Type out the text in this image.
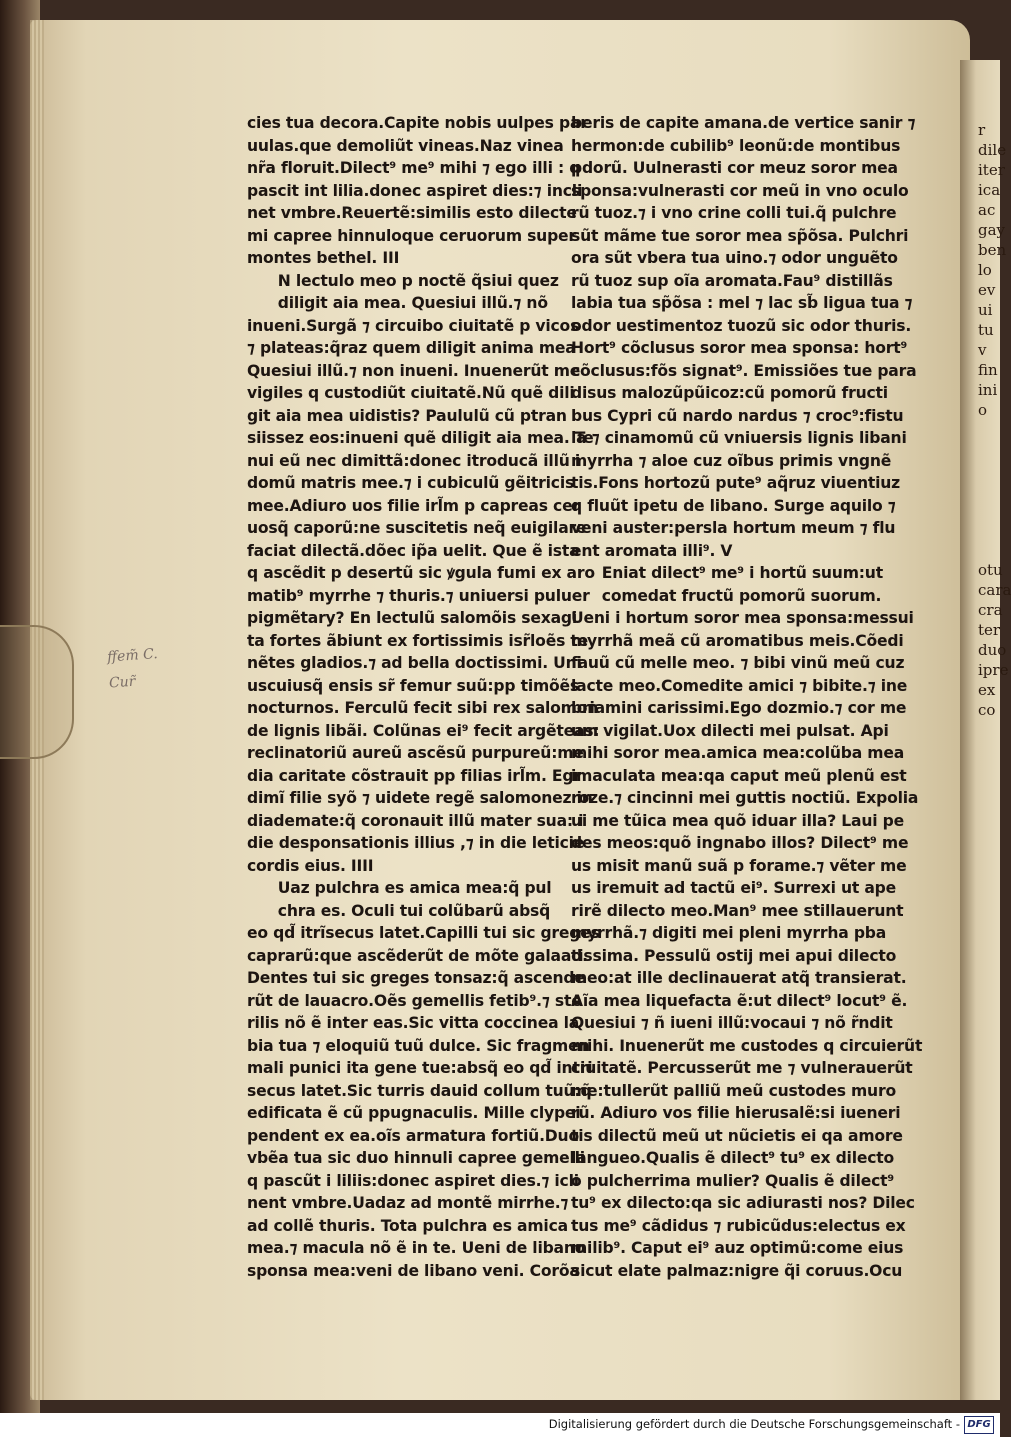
r
dile
iter
ica
ac
gay
ben
lo
ev
ui
tu
v
fin
ini
o
otu
cara
cra
ter
duo
ipre
ex
co
ffem̃ C.
Cur̃
cies tua decora.Capite nobis uulpes par
uulas.que demoliũt vineas.Naz vinea
nr̃a floruit.Dilect⁹ me⁹ mihi ⁊ ego illi : q
pascit int lilia.donec aspiret dies:⁊ incli
net vmbre.Reuertẽ:similis esto dilecte
mi capree hinnuloque ceruorum super
montes bethel. III
  N lectulo meo p noctẽ q̃siui quez
  diligit aia mea. Quesiui illũ.⁊ nõ
inueni.Surgã ⁊ circuibo ciuitatẽ p vicos
⁊ plateas:q̃raz quem diligit anima mea
Quesiui illũ.⁊ non inueni. Inuenerũt me
vigiles q custodiũt ciuitatẽ.Nũ quẽ dili
git aia mea uidistis? Paululũ cũ ptran
siissez eos:inueni quẽ diligit aia mea. Te
nui eũ nec dimittã:donec itroducã illũ i
domũ matris mee.⁊ i cubiculũ gẽitricis
mee.Adiuro uos filie irl̃m p capreas cer
uosq̃ caporũ:ne suscitetis neq̃ euigilare
faciat dilectã.dõec ip̃a uelit. Que ẽ ista
q ascẽdit p desertũ sic ꝟgula fumi ex aro
matib⁹ myrrhe ⁊ thuris.⁊ uniuersi puluer
pigmẽtary? En lectulũ salomõis sexagi
ta fortes ãbiunt ex fortissimis isr̃loẽs te
nẽtes gladios.⁊ ad bella doctissimi. Uni
uscuiusq̃ ensis sr̃ femur suũ:pp timõẽs
nocturnos. Ferculũ fecit sibi rex salomon
de lignis libãi. Colũnas ei⁹ fecit argẽteas:
reclinatoriũ aureũ ascẽsũ purpureũ:me
dia caritate cõstrauit pp filias irl̃m. Egr
dimĩ filie syõ ⁊ uidete regẽ salomonez in
diademate:q̃ coronauit illũ mater sua: i
die desponsationis illius ,⁊ in die leticie
cordis eius. IIII
  Uaz pulchra es amica mea:q̃ pul
  chra es. Oculi tui colũbarũ absq̃
eo qd̃ itrĩsecus latet.Capilli tui sic greges
caprarũ:que ascẽderũt de mõte galaad.
Dentes tui sic greges tonsaz:q̃ ascende
rũt de lauacro.Oẽs gemellis fetib⁹.⁊ ste
rilis nõ ẽ inter eas.Sic vitta coccinea la
bia tua ⁊ eloquiũ tuũ dulce. Sic fragmen
mali punici ita gene tue:absq̃ eo qd̃ intri
secus latet.Sic turris dauid collum tuũ:q̃
edificata ẽ cũ ppugnaculis. Mille clypei
pendent ex ea.oĩs armatura fortiũ.Duo
vbẽa tua sic duo hinnuli capree gemelli
q pascũt i liliis:donec aspiret dies.⁊ icli
nent vmbre.Uadaz ad montẽ mirrhe.⁊
ad collẽ thuris. Tota pulchra es amica
mea.⁊ macula nõ ẽ in te. Ueni de libano
sponsa mea:veni de libano veni. Corõa
beris de capite amana.de vertice sanir ⁊
hermon:de cubilib⁹ leonũ:de montibus
pdorũ. Uulnerasti cor meuz soror mea
sponsa:vulnerasti cor meũ in vno oculo
rũ tuoz.⁊ i vno crine colli tui.q̃ pulchre
sũt mãme tue soror mea sp̃õsa. Pulchri
ora sũt vbera tua uino.⁊ odor unguẽto
rũ tuoz sup oĩa aromata.Fau⁹ distillãs
labia tua sp̃õsa : mel ⁊ lac sb̃ ligua tua ⁊
odor uestimentoz tuozũ sic odor thuris.
Hort⁹ cõclusus soror mea sponsa: hort⁹
cõclusus:fõs signat⁹. Emissiões tue para
disus malozũpũicoz:cũ pomorũ fructi
bus Cypri cũ nardo nardus ⁊ croc⁹:fistu
la ⁊ cinamomũ cũ vniuersis lignis libani
myrrha ⁊ aloe cuz oĩbus primis vngnẽ
tis.Fons hortozũ pute⁹ aq̃ruz viuentiuz
q fluũt ipetu de libano. Surge aquilo ⁊
veni auster:persla hortum meum ⁊ flu
ent aromata illi⁹. V
  Eniat dilect⁹ me⁹ i hortũ suum:ut
  comedat fructũ pomorũ suorum.
Ueni i hortum soror mea sponsa:messui
myrrhã meã cũ aromatibus meis.Cõedi
fauũ cũ melle meo. ⁊ bibi vinũ meũ cuz
lacte meo.Comedite amici ⁊ bibite.⁊ ine
briamini carissimi.Ego dozmio.⁊ cor me
um vigilat.Uox dilecti mei pulsat. Api
mihi soror mea.amica mea:colũba mea
imaculata mea:qa caput meũ plenũ est
roze.⁊ cincinni mei guttis noctiũ. Expolia
ui me tũica mea quõ iduar illa? Laui pe
des meos:quõ ingnabo illos? Dilect⁹ me
us misit manũ suã p forame.⁊ vẽter me
us iremuit ad tactũ ei⁹. Surrexi ut ape
rirẽ dilecto meo.Man⁹ mee stillauerunt
myrrhã.⁊ digiti mei pleni myrrha pba
tissima. Pessulũ ostij mei apui dilecto
meo:at ille declinauerat atq̃ transierat.
Aĩa mea liquefacta ẽ:ut dilect⁹ locut⁹ ẽ.
Quesiui ⁊ ñ iueni illũ:vocaui ⁊ nõ r̃ndit
mihi. Inuenerũt me custodes q circuierũt
ciuitatẽ. Percusserũt me ⁊ vulnerauerũt
me:tullerũt palliũ meũ custodes muro
rũ. Adiuro vos filie hierusalẽ:si iueneri
tis dilectũ meũ ut nũcietis ei qa amore
langueo.Qualis ẽ dilect⁹ tu⁹ ex dilecto
o pulcherrima mulier? Qualis ẽ dilect⁹
tu⁹ ex dilecto:qa sic adiurasti nos? Dilec
tus me⁹ cãdidus ⁊ rubicũdus:electus ex
milib⁹. Caput ei⁹ auz optimũ:come eius
sicut elate palmaz:nigre q̃i coruus.Ocu
Digitalisierung gefördert durch die Deutsche Forschungsgemeinschaft - DFG
